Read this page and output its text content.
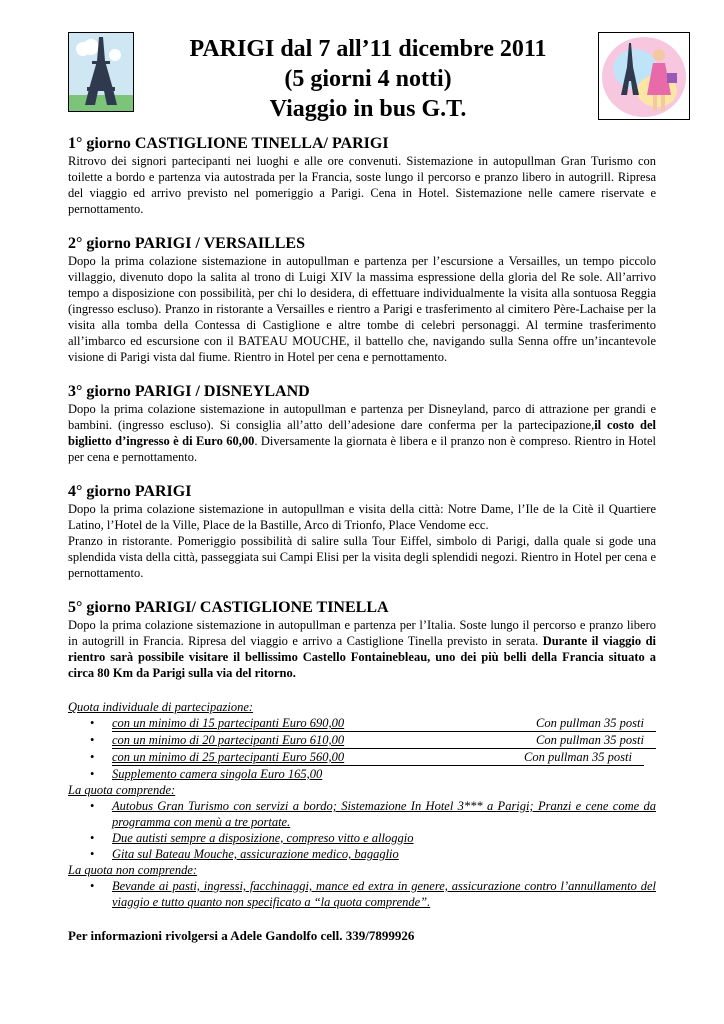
PARIGI dal 7 all’11 dicembre 2011
(5 giorni 4 notti)
Viaggio in bus G.T.
1° giorno CASTIGLIONE TINELLA/ PARIGI

Ritrovo dei signori partecipanti nei luoghi e alle ore convenuti. Sistemazione in autopullman Gran Turismo con toilette a bordo e partenza via autostrada per la Francia, soste lungo il percorso e pranzo libero in autogrill. Ripresa del viaggio ed arrivo previsto nel pomeriggio a Parigi. Cena in Hotel. Sistemazione nelle camere riservate e pernottamento.

2° giorno PARIGI / VERSAILLES

Dopo la prima colazione sistemazione in autopullman e partenza per l’escursione a Versailles, un tempo piccolo villaggio, divenuto dopo la salita al trono di Luigi XIV la massima espressione della gloria del Re sole. All’arrivo tempo a disposizione con possibilità, per chi lo desidera, di effettuare individualmente la visita alla sontuosa Reggia (ingresso escluso). Pranzo in ristorante a Versailles e rientro a Parigi e trasferimento al cimitero Père-Lachaise per la visita alla tomba della Contessa di Castiglione e altre tombe di celebri personaggi. Al termine trasferimento all’imbarco ed escursione con il BATEAU MOUCHE, il battello che, navigando sulla Senna offre un’incantevole visione di Parigi vista dal fiume. Rientro in Hotel per cena e pernottamento.

3° giorno PARIGI / DISNEYLAND

Dopo la prima colazione sistemazione in autopullman e partenza per Disneyland, parco di attrazione per grandi e bambini. (ingresso escluso). Si consiglia all’atto dell’adesione dare conferma per la partecipazione,il costo del biglietto d’ingresso è di Euro 60,00. Diversamente la giornata è libera e il pranzo non è compreso. Rientro in Hotel per cena e pernottamento.

4° giorno PARIGI

Dopo la prima colazione sistemazione in autopullman e visita della città: Notre Dame, l’Ile de la Citè il Quartiere Latino, l’Hotel de la Ville, Place de la Bastille, Arco di Trionfo, Place Vendome ecc.

Pranzo in ristorante. Pomeriggio possibilità di salire sulla Tour Eiffel, simbolo di Parigi, dalla quale si gode una splendida vista della città, passeggiata sui Campi Elisi per la visita degli splendidi negozi. Rientro in Hotel per cena e pernottamento.

5° giorno PARIGI/ CASTIGLIONE TINELLA

Dopo la prima colazione sistemazione in autopullman e partenza per l’Italia. Soste lungo il percorso e pranzo libero in autogrill in Francia. Ripresa del viaggio e arrivo a Castiglione Tinella previsto in serata. Durante il viaggio di rientro sarà possibile visitare il bellissimo Castello Fontainebleau, uno dei più belli della Francia situato a circa 80 Km da Parigi sulla via del ritorno.

Quota individuale di partecipazione:
• con un minimo di 15 partecipanti Euro 690,00	Con pullman 35 posti
• con un minimo di 20 partecipanti Euro 610,00	Con pullman 35 posti
• con un minimo di 25 partecipanti Euro 560,00	Con pullman 35 posti
• Supplemento camera singola Euro 165,00
La quota comprende:
• Autobus Gran Turismo con servizi a bordo; Sistemazione In Hotel 3*** a Parigi; Pranzi e cene come da programma con menù a tre portate.
• Due autisti sempre a disposizione, compreso vitto e alloggio
• Gita sul Bateau Mouche, assicurazione medico, bagaglio
La quota non comprende:
• Bevande ai pasti, ingressi, facchinaggi, mance ed extra in genere, assicurazione contro l’annullamento del viaggio e tutto quanto non specificato a “la quota comprende”.
Per informazioni rivolgersi a Adele Gandolfo cell. 339/7899926
